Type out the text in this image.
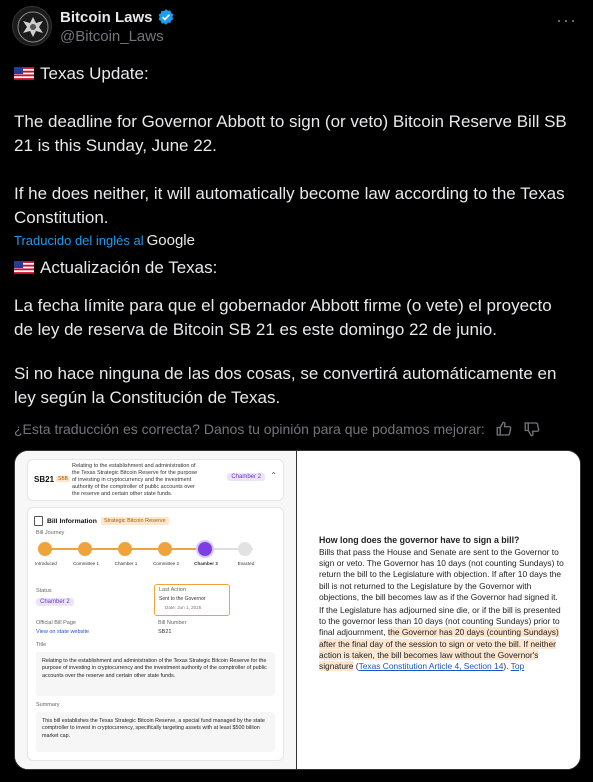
Bitcoin Laws
@Bitcoin_Laws
···

Texas Update:

The deadline for Governor Abbott to sign (or veto) Bitcoin Reserve Bill SB 21 is this Sunday, June 22.

If he does neither, it will automatically become law according to the Texas Constitution.

Traducido del inglés al Google

Actualización de Texas:

La fecha límite para que el gobernador Abbott firme (o vete) el proyecto de ley de reserva de Bitcoin SB 21 es este domingo 22 de junio.

Si no hace ninguna de las dos cosas, se convertirá automáticamente en ley según la Constitución de Texas.

¿Esta traducción es correcta? Danos tu opinión para que podamos mejorar:
SB21 SBB
Relating to the establishment and administration of the Texas Strategic Bitcoin Reserve for the purpose of investing in cryptocurrency and the investment authority of the comptroller of public accounts over the reserve and certain other state funds.
Chamber 2	⌃
Bill Information	Strategic Bitcoin Reserve
Bill Journey
Introduced	Committee 1	Chamber 1	Committee 2	Chamber 2	Enacted
Status
Chamber 2
Last Action
Sent to the Governor
Date: Jun 1, 2025
Official Bill Page
View on state website
Bill Number
SB21
Title
Relating to the establishment and administration of the Texas Strategic Bitcoin Reserve for the purpose of investing in cryptocurrency and the investment authority of the comptroller of public accounts over the reserve and certain other state funds.
Summary
This bill establishes the Texas Strategic Bitcoin Reserve, a special fund managed by the state comptroller to invest in cryptocurrency, specifically targeting assets with at least $500 billion market cap.
How long does the governor have to sign a bill?
Bills that pass the House and Senate are sent to the Governor to sign or veto. The Governor has 10 days (not counting Sundays) to return the bill to the Legislature with objection. If after 10 days the bill is not returned to the Legislature by the Governor with objections, the bill becomes law as if the Governor had signed it.
If the Legislature has adjourned sine die, or if the bill is presented to the governor less than 10 days (not counting Sundays) prior to final adjournment, the Governor has 20 days (counting Sundays) after the final day of the session to sign or veto the bill. If neither action is taken, the bill becomes law without the Governor's signature (Texas Constitution Article 4, Section 14). Top
